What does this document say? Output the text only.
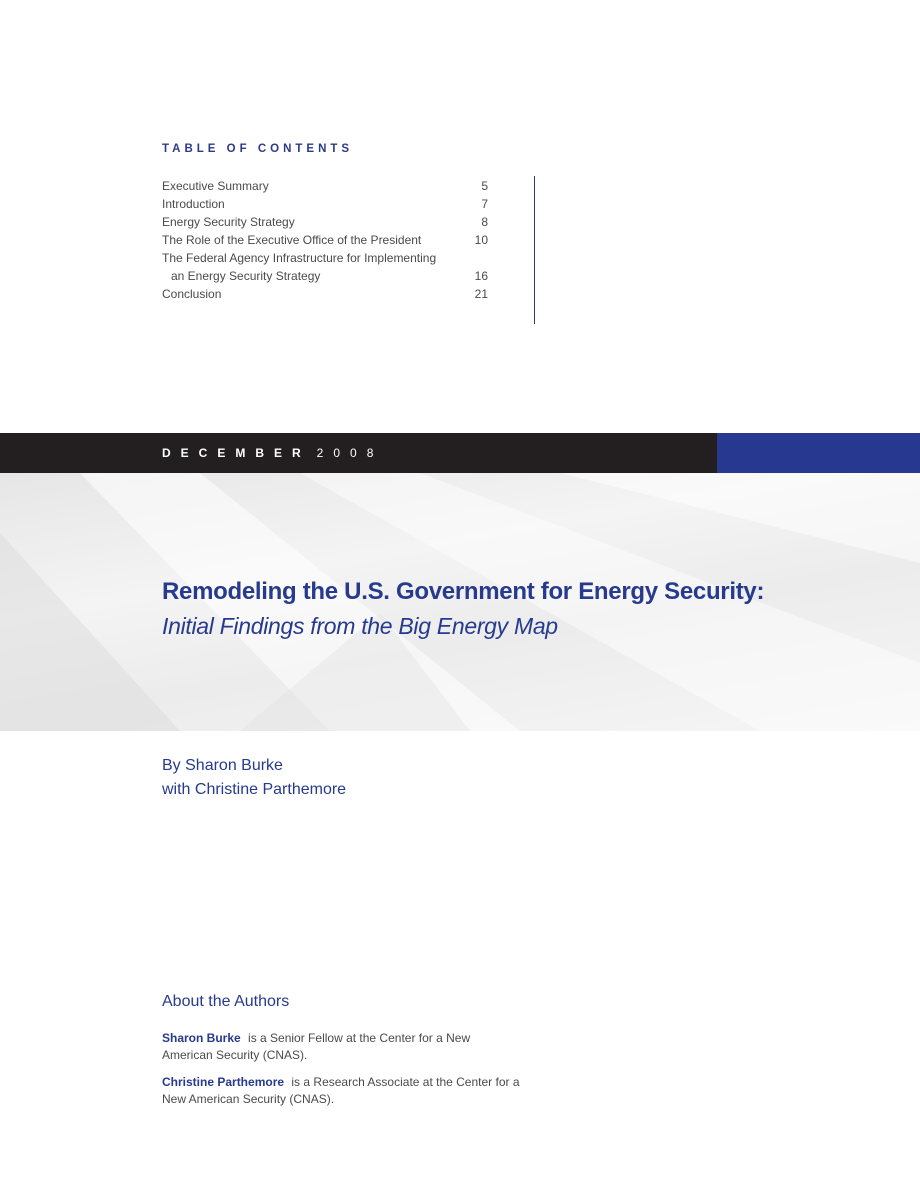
TABLE OF CONTENTS
Executive Summary	5
Introduction	7
Energy Security Strategy	8
The Role of the Executive Office of the President	10
The Federal Agency Infrastructure for Implementing
an Energy Security Strategy	16
Conclusion	21
DECEMBER 2008
Remodeling the U.S. Government for Energy Security:
Initial Findings from the Big Energy Map
By Sharon Burke
with Christine Parthemore
About the Authors

Sharon Burke is a Senior Fellow at the Center for a New American Security (CNAS).

Christine Parthemore is a Research Associate at the Center for a New American Security (CNAS).
